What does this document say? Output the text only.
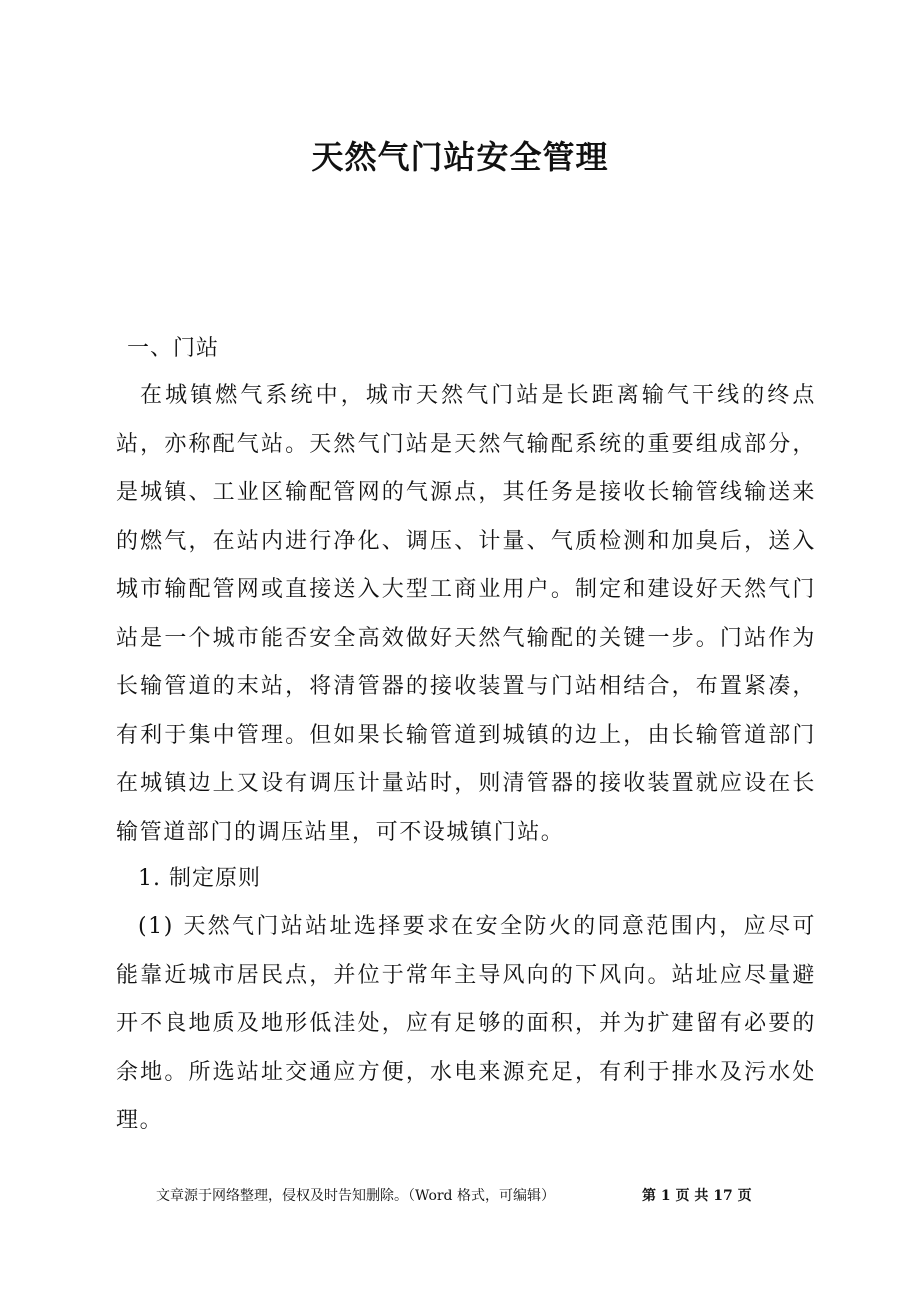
天然气门站安全管理
一、门站

在城镇燃气系统中，城市天然气门站是长距离输气干线的终点站，亦称配气站。天然气门站是天然气输配系统的重要组成部分，是城镇、工业区输配管网的气源点，其任务是接收长输管线输送来的燃气，在站内进行净化、调压、计量、气质检测和加臭后，送入城市输配管网或直接送入大型工商业用户。制定和建设好天然气门站是一个城市能否安全高效做好天然气输配的关键一步。门站作为长输管道的末站，将清管器的接收装置与门站相结合，布置紧凑，有利于集中管理。但如果长输管道到城镇的边上，由长输管道部门在城镇边上又设有调压计量站时，则清管器的接收装置就应设在长输管道部门的调压站里，可不设城镇门站。

1. 制定原则

(1) 天然气门站站址选择要求在安全防火的同意范围内，应尽可能靠近城市居民点，并位于常年主导风向的下风向。站址应尽量避开不良地质及地形低洼处，应有足够的面积，并为扩建留有必要的余地。所选站址交通应方便，水电来源充足，有利于排水及污水处理。

文章源于网络整理，侵权及时告知删除。（Word 格式，可编辑）	第 1 页 共 17 页
